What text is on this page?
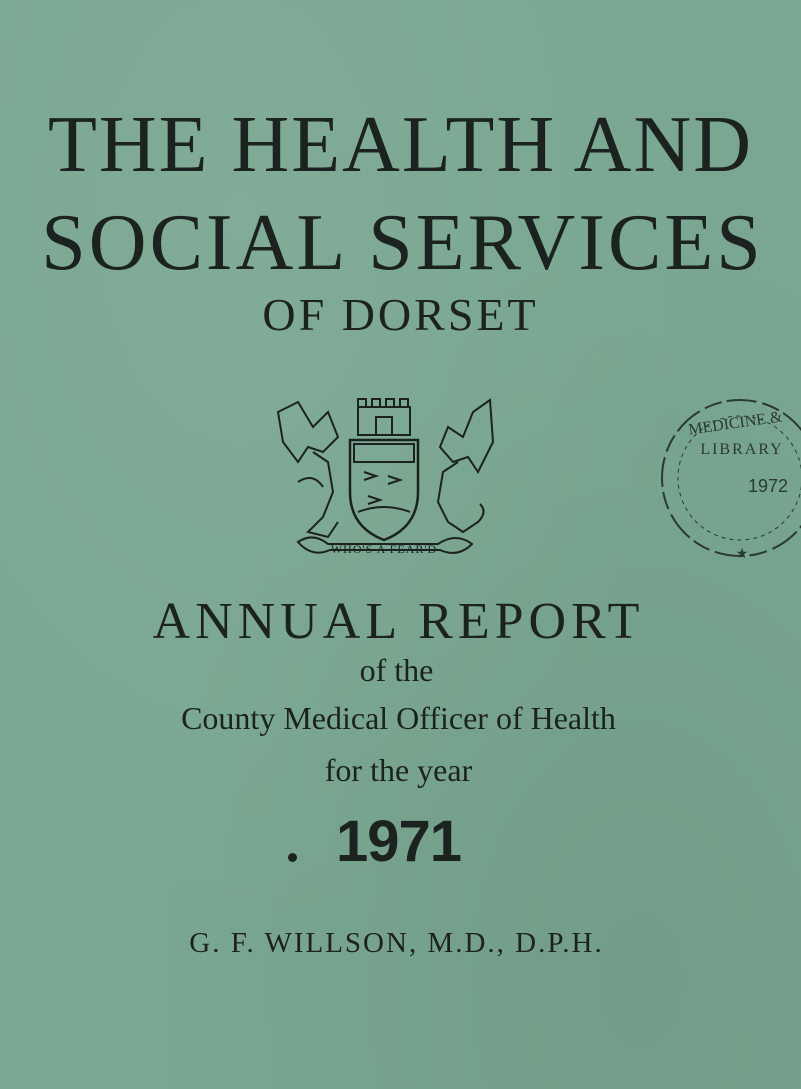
THE HEALTH AND
SOCIAL SERVICES
OF DORSET
WHO'S A FEAR'D
MEDICINE &
LIBRARY
1972
★
ANNUAL REPORT
of the
County Medical Officer of Health
for the year
1971
G. F. WILLSON, M.D., D.P.H.
